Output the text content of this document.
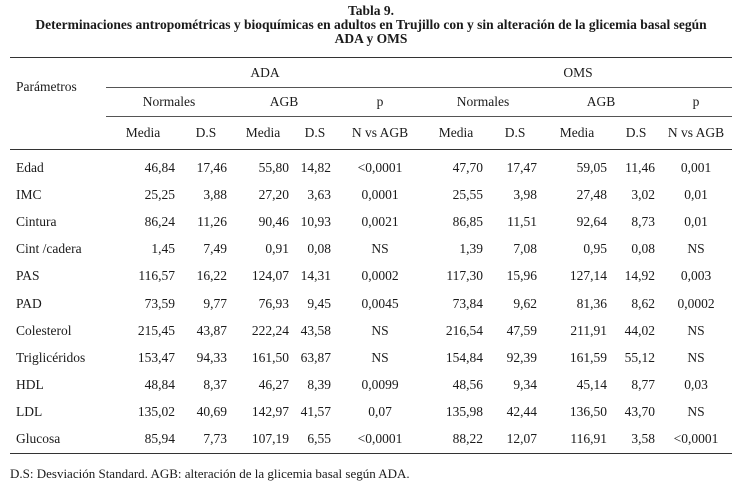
Tabla 9.
Determinaciones antropométricas y bioquímicas en adultos en Trujillo con y sin alteración de la glicemia basal según
ADA y OMS
Parámetros	ADA					OMS				
	Normales		AGB		p	Normales		AGB		p
	Media	D.S	Media	D.S	N vs AGB	Media	D.S	Media	D.S	N vs AGB
Edad	46,84	17,46	55,80	14,82	<0,0001	47,70	17,47	59,05	11,46	0,001
IMC	25,25	3,88	27,20	3,63	0,0001	25,55	3,98	27,48	3,02	0,01
Cintura	86,24	11,26	90,46	10,93	0,0021	86,85	11,51	92,64	8,73	0,01
Cint /cadera	1,45	7,49	0,91	0,08	NS	1,39	7,08	0,95	0,08	NS
PAS	116,57	16,22	124,07	14,31	0,0002	117,30	15,96	127,14	14,92	0,003
PAD	73,59	9,77	76,93	9,45	0,0045	73,84	9,62	81,36	8,62	0,0002
Colesterol	215,45	43,87	222,24	43,58	NS	216,54	47,59	211,91	44,02	NS
Triglicéridos	153,47	94,33	161,50	63,87	NS	154,84	92,39	161,59	55,12	NS
HDL	48,84	8,37	46,27	8,39	0,0099	48,56	9,34	45,14	8,77	0,03
LDL	135,02	40,69	142,97	41,57	0,07	135,98	42,44	136,50	43,70	NS
Glucosa	85,94	7,73	107,19	6,55	<0,0001	88,22	12,07	116,91	3,58	<0,0001
D.S: Desviación Standard. AGB: alteración de la glicemia basal según ADA.
